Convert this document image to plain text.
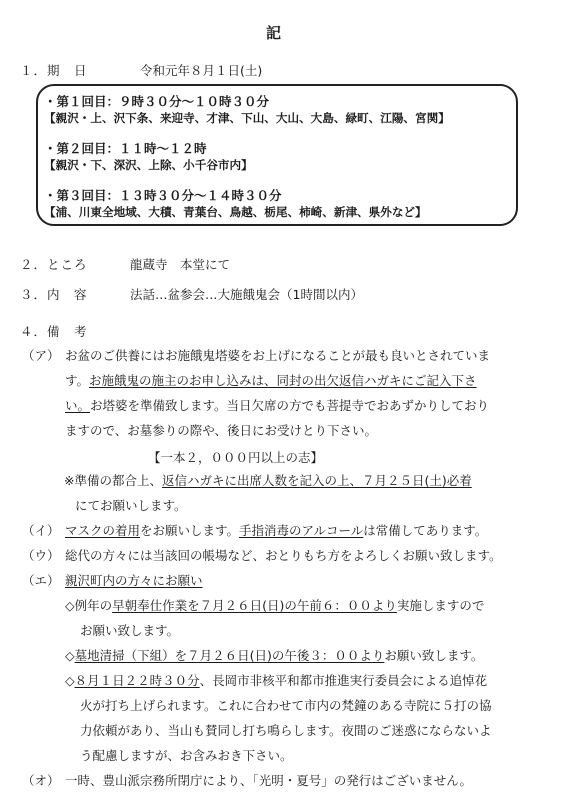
記
１．期　日	令和元年８月１日(土)
・第１回目：９時３０分～１０時３０分
【親沢・上、沢下条、来迎寺、才津、下山、大山、大島、緑町、江陽、宮関】
・第２回目：１１時～１２時
【親沢・下、深沢、上除、小千谷市内】
・第３回目：１３時３０分～１４時３０分
【浦、川東全地域、大積、青葉台、鳥越、栃尾、柿崎、新津、県外など】
２．ところ	龍蔵寺　本堂にて
３．内　容	法話…盆参会…大施餓鬼会（1時間以内）
４．備　考
（ア） お盆のご供養にはお施餓鬼塔婆をお上げになることが最も良いとされていま
す。お施餓鬼の施主のお申し込みは、同封の出欠返信ハガキにご記入下さ
い。お塔婆を準備致します。当日欠席の方でも菩提寺でおあずかりしており
ますので、お墓参りの際や、後日にお受けとり下さい。
【一本２，０００円以上の志】
※準備の都合上、返信ハガキに出席人数を記入の上、７月２５日(土)必着
にてお願いします。
（イ） マスクの着用をお願いします。手指消毒のアルコールは常備してあります。
（ウ） 総代の方々には当該回の帳場など、おとりもち方をよろしくお願い致します。
（エ） 親沢町内の方々にお願い
◇例年の早朝奉仕作業を７月２６日(日)の午前６：００より実施しますので
お願い致します。
◇墓地清掃（下組）を７月２６日(日)の午後３：００よりお願い致します。
◇８月１日２２時３０分、長岡市非核平和都市推進実行委員会による追悼花
火が打ち上げられます。これに合わせて市内の梵鐘のある寺院に５打の協
力依頼があり、当山も賛同し打ち鳴らします。夜間のご迷惑にならないよ
う配慮しますが、お含みおき下さい。
（オ） 一時、豊山派宗務所閉庁により、「光明・夏号」の発行はございません。
